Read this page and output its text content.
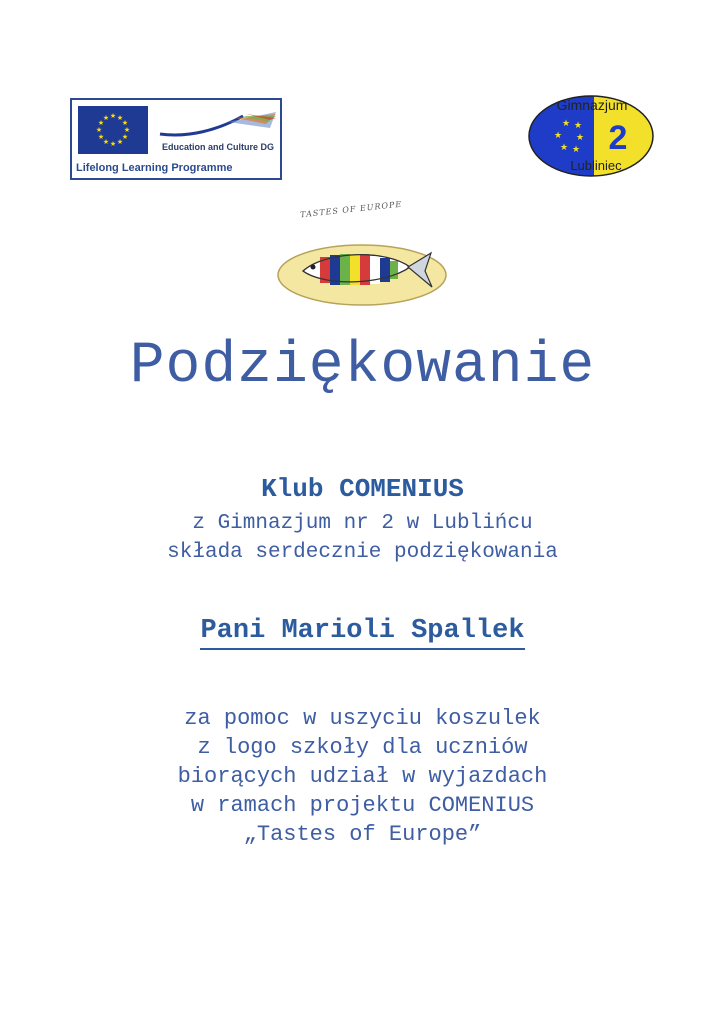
★ ★
★
★
★
★
★
★
★
★
★
★
Education and Culture DG
Lifelong Learning Programme
★ ★
★ ★
★ ★
Gimnazjum
2
Lubliniec
TASTES OF EUROPE
Podziękowanie
Klub COMENIUS
z Gimnazjum nr 2 w Lublińcu
składa serdecznie podziękowania
Pani Marioli Spallek
za pomoc w uszyciu koszulek
z logo szkoły dla uczniów
biorących udział w wyjazdach
w ramach projektu COMENIUS
„Tastes of Europe”
